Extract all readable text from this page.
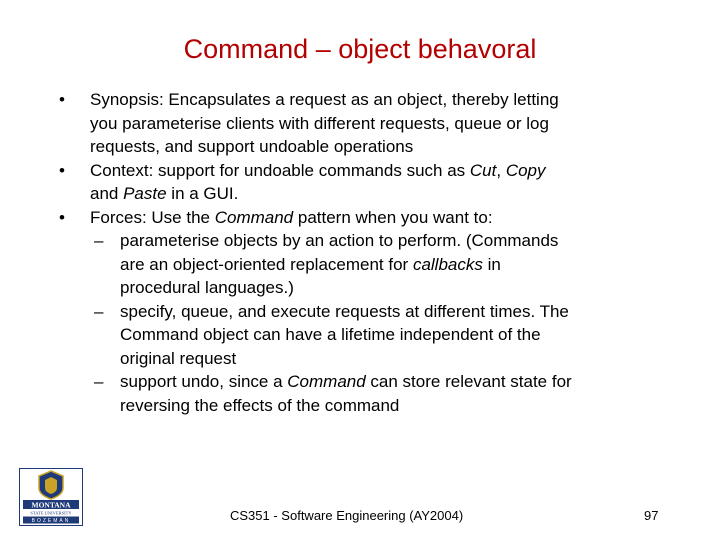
Command – object behavoral
• Synopsis: Encapsulates a request as an object, thereby letting
you parameterise clients with different requests, queue or log
requests, and support undoable operations
• Context: support for undoable commands such as Cut, Copy
and Paste in a GUI.
• Forces: Use the Command pattern when you want to:
– parameterise objects by an action to perform. (Commands
are an object-oriented replacement for callbacks in
procedural languages.)
– specify, queue, and execute requests at different times. The
Command object can have a lifetime independent of the
original request
– support undo, since a Command can store relevant state for
reversing the effects of the command
MONTANA
STATE UNIVERSITY
BOZEMAN	CS351 - Software Engineering (AY2004)	97
